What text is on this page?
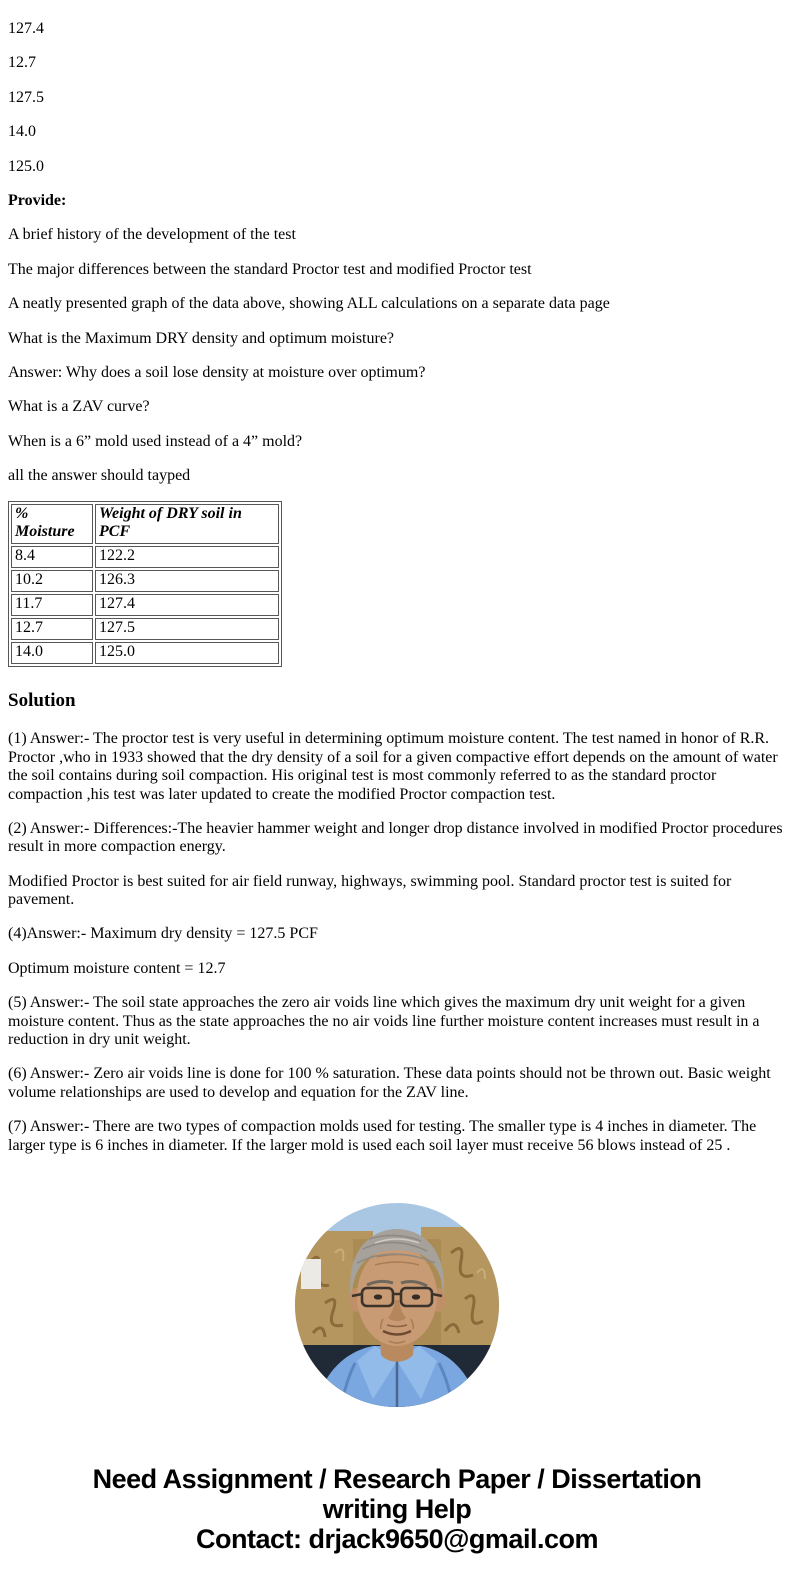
127.4

12.7

127.5

14.0

125.0

Provide:

A brief history of the development of the test

The major differences between the standard Proctor test and modified Proctor test

A neatly presented graph of the data above, showing ALL calculations on a separate data page

What is the Maximum DRY density and optimum moisture?

Answer: Why does a soil lose density at moisture over optimum?

What is a ZAV curve?

When is a 6” mold used instead of a 4” mold?

all the answer should tayped

% Moisture	Weight of DRY soil in PCF
8.4	122.2
10.2	126.3
11.7	127.4
12.7	127.5
14.0	125.0
Solution

(1) Answer:- The proctor test is very useful in determining optimum moisture content. The test named in honor of R.R. Proctor ,who in 1933 showed that the dry density of a soil for a given compactive effort depends on the amount of water the soil contains during soil compaction. His original test is most commonly referred to as the standard proctor compaction ,his test was later updated to create the modified Proctor compaction test.

(2) Answer:- Differences:-The heavier hammer weight and longer drop distance involved in modified Proctor procedures result in more compaction energy.

Modified Proctor is best suited for air field runway, highways, swimming pool. Standard proctor test is suited for pavement.

(4)Answer:- Maximum dry density = 127.5 PCF

Optimum moisture content = 12.7

(5) Answer:- The soil state approaches the zero air voids line which gives the maximum dry unit weight for a given moisture content. Thus as the state approaches the no air voids line further moisture content increases must result in a reduction in dry unit weight.

(6) Answer:- Zero air voids line is done for 100 % saturation. These data points should not be thrown out. Basic weight volume relationships are used to develop and equation for the ZAV line.

(7) Answer:- There are two types of compaction molds used for testing. The smaller type is 4 inches in diameter. The larger type is 6 inches in diameter. If the larger mold is used each soil layer must receive 56 blows instead of 25 .

Need Assignment / Research Paper / Dissertation
writing Help
Contact: drjack9650@gmail.com
